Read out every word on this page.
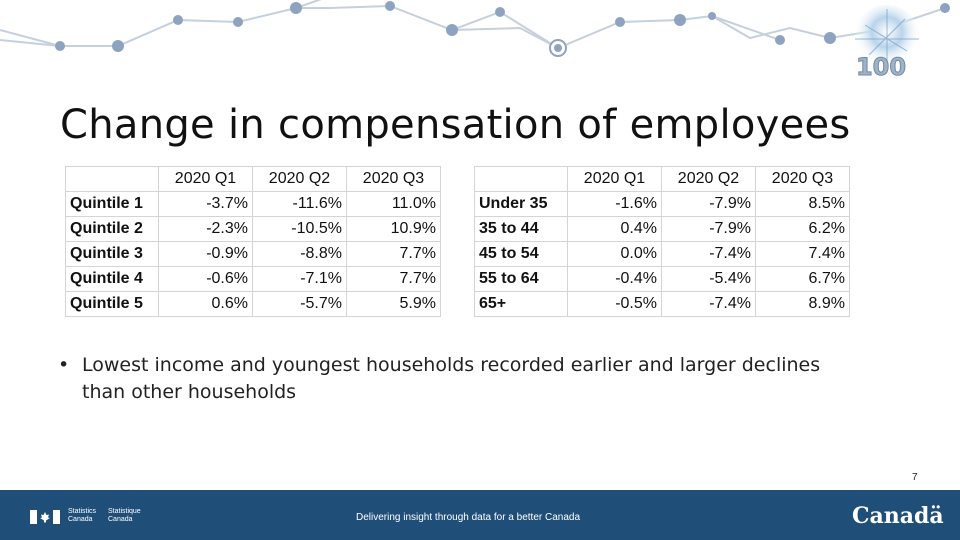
100
Change in compensation of employees
	2020 Q1	2020 Q2	2020 Q3
Quintile 1	-3.7%	-11.6%	11.0%
Quintile 2	-2.3%	-10.5%	10.9%
Quintile 3	-0.9%	-8.8%	7.7%
Quintile 4	-0.6%	-7.1%	7.7%
Quintile 5	0.6%	-5.7%	5.9%
	2020 Q1	2020 Q2	2020 Q3
Under 35	-1.6%	-7.9%	8.5%
35 to 44	0.4%	-7.9%	6.2%
45 to 54	0.0%	-7.4%	7.4%
55 to 64	-0.4%	-5.4%	6.7%
65+	-0.5%	-7.4%	8.9%
• Lowest income and youngest households recorded earlier and larger declines than other households
7
Statistics
Canada
Statistique
Canada	Delivering insight through data for a better Canada	Canadä
